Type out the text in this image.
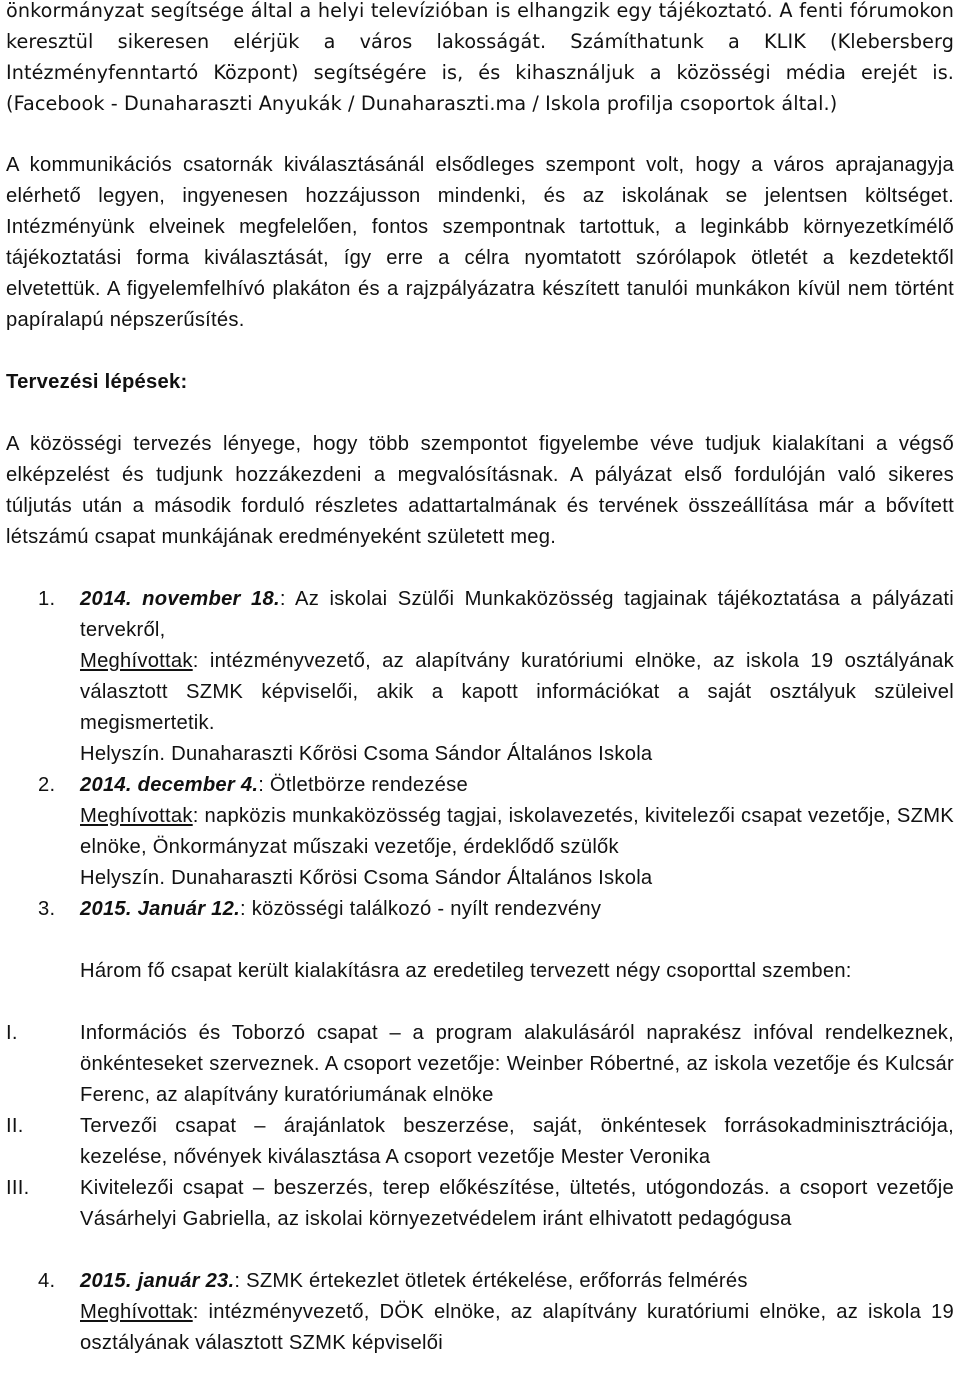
önkormányzat segítsége által a helyi televízióban is elhangzik egy tájékoztató. A fenti fórumokon keresztül sikeresen elérjük a város lakosságát. Számíthatunk a KLIK (Klebersberg Intézményfenntartó Központ) segítségére is, és kihasználjuk a közösségi média erejét is. (Facebook - Dunaharaszti Anyukák / Dunaharaszti.ma / Iskola profilja csoportok által.)

A kommunikációs csatornák kiválasztásánál elsődleges szempont volt, hogy a város aprajanagyja elérhető legyen, ingyenesen hozzájusson mindenki, és az iskolának se jelentsen költséget. Intézményünk elveinek megfelelően, fontos szempontnak tartottuk, a leginkább környezetkímélő tájékoztatási forma kiválasztását, így erre a célra nyomtatott szórólapok ötletét a kezdetektől elvetettük. A figyelemfelhívó plakáton és a rajzpályázatra készített tanulói munkákon kívül nem történt papíralapú népszerűsítés.

Tervezési lépések:

A közösségi tervezés lényege, hogy több szempontot figyelembe véve tudjuk kialakítani a végső elképzelést és tudjunk hozzákezdeni a megvalósításnak. A pályázat első fordulóján való sikeres túljutás után a második forduló részletes adattartalmának és tervének összeállítása már a bővített létszámú csapat munkájának eredményeként született meg.

1.	2014. november 18.: Az iskolai Szülői Munkaközösség tagjainak tájékoztatása a pályázati tervekről,

Meghívottak: intézményvezető, az alapítvány kuratóriumi elnöke, az iskola 19 osztályának választott SZMK képviselői, akik a kapott információkat a saját osztályuk szüleivel megismertetik.

Helyszín. Dunaharaszti Kőrösi Csoma Sándor Általános Iskola

2.	2014. december 4.: Ötletbörze rendezése

Meghívottak: napközis munkaközösség tagjai, iskolavezetés, kivitelezői csapat vezetője, SZMK elnöke, Önkormányzat műszaki vezetője, érdeklődő szülők

Helyszín. Dunaharaszti Kőrösi Csoma Sándor Általános Iskola

3.	2015. Január 12.: közösségi találkozó - nyílt rendezvény

Három fő csapat került kialakításra az eredetileg tervezett négy csoporttal szemben:

I.	Információs és Toborzó csapat – a program alakulásáról naprakész infóval rendelkeznek, önkénteseket szerveznek. A csoport vezetője: Weinber Róbertné, az iskola vezetője és Kulcsár Ferenc, az alapítvány kuratóriumának elnöke

II.	Tervezői csapat – árajánlatok beszerzése, saját, önkéntesek forrásokadminisztrációja, kezelése, nővények kiválasztása A csoport vezetője Mester Veronika

III.	Kivitelezői csapat – beszerzés, terep előkészítése, ültetés, utógondozás. a csoport vezetője Vásárhelyi Gabriella, az iskolai környezetvédelem iránt elhivatott pedagógusa

4.	2015. január 23.: SZMK értekezlet ötletek értékelése, erőforrás felmérés

Meghívottak: intézményvezető, DÖK elnöke, az alapítvány kuratóriumi elnöke, az iskola 19 osztályának választott SZMK képviselői
